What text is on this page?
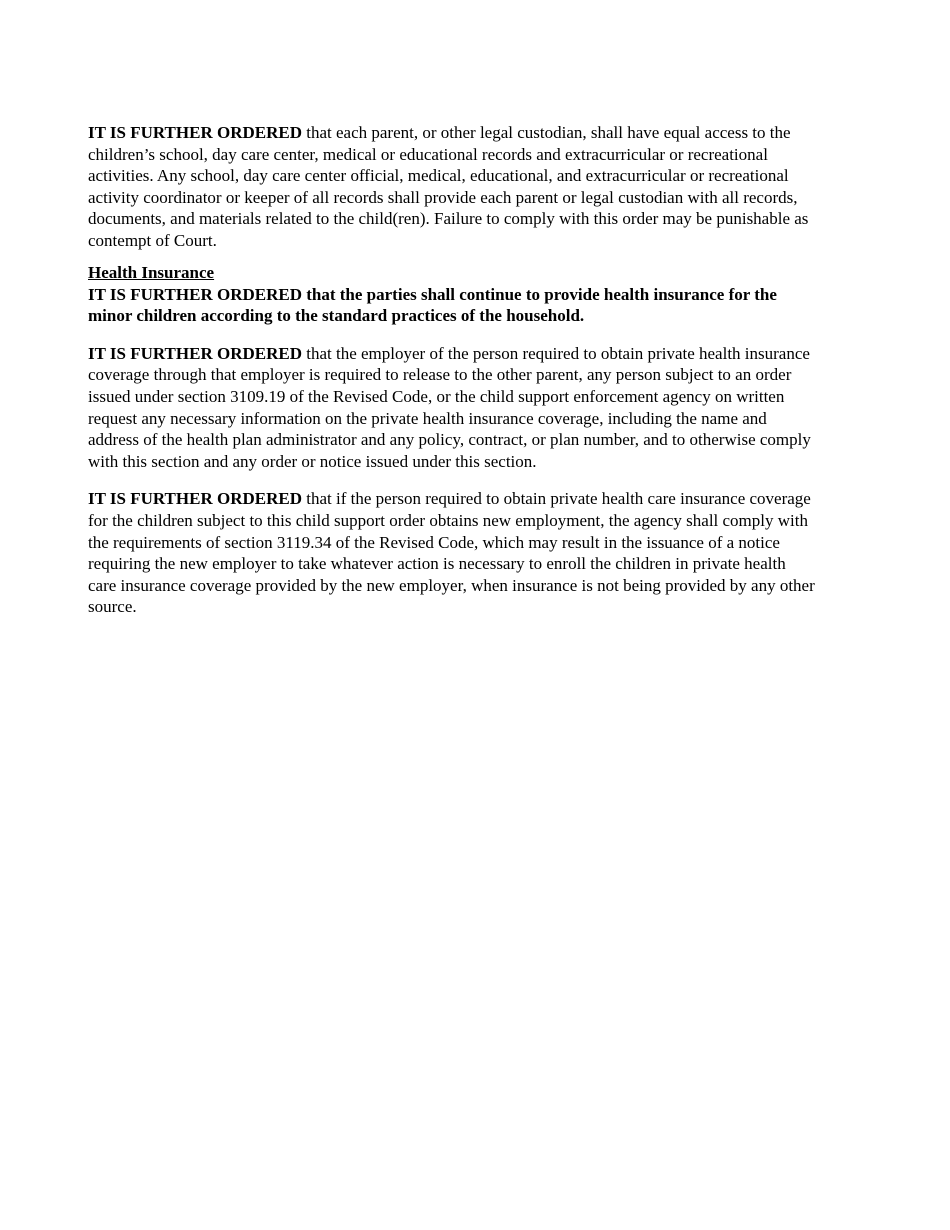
IT IS FURTHER ORDERED that each parent, or other legal custodian, shall have equal access to the children’s school, day care center, medical or educational records and extracurricular or recreational activities. Any school, day care center official, medical, educational, and extracurricular or recreational activity coordinator or keeper of all records shall provide each parent or legal custodian with all records, documents, and materials related to the child(ren). Failure to comply with this order may be punishable as contempt of Court.

Health Insurance

IT IS FURTHER ORDERED that the parties shall continue to provide health insurance for the minor children according to the standard practices of the household.

IT IS FURTHER ORDERED that the employer of the person required to obtain private health insurance coverage through that employer is required to release to the other parent, any person subject to an order issued under section 3109.19 of the Revised Code, or the child support enforcement agency on written request any necessary information on the private health insurance coverage, including the name and address of the health plan administrator and any policy, contract, or plan number, and to otherwise comply with this section and any order or notice issued under this section.

IT IS FURTHER ORDERED that if the person required to obtain private health care insurance coverage for the children subject to this child support order obtains new employment, the agency shall comply with the requirements of section 3119.34 of the Revised Code, which may result in the issuance of a notice requiring the new employer to take whatever action is necessary to enroll the children in private health care insurance coverage provided by the new employer, when insurance is not being provided by any other source.
